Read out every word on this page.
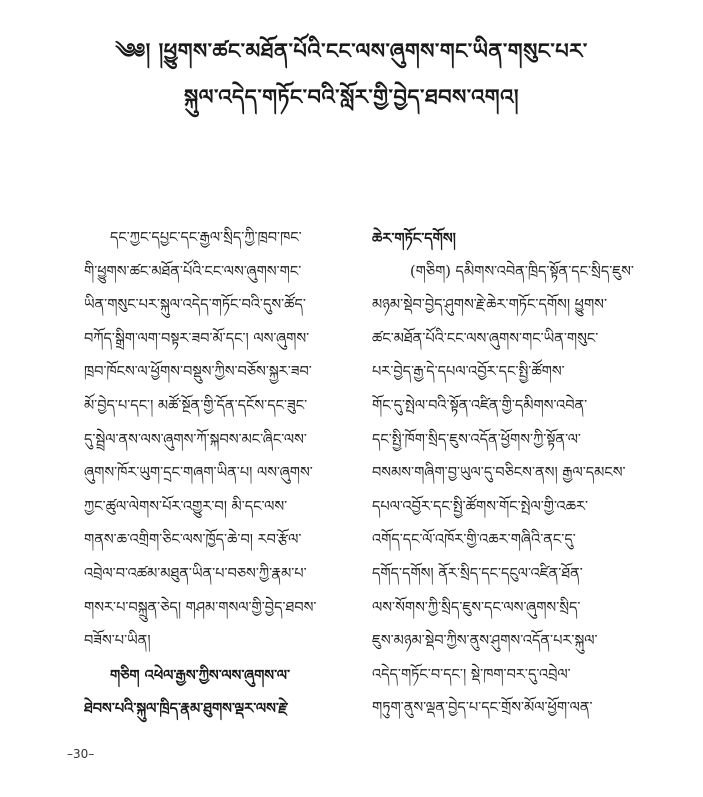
༄༅། །ཕྱུགས་ཚང་མཐོན་པོའི་ངང་ལས་ཞུགས་གང་ཡིན་གསུང་པར་
སྐུལ་འདེད་གཏོང་བའི་སློར་གྱི་བྱེད་ཐབས་འགའ།
དང་ཀྱང་དཔྱང་དང་རྒྱལ་སྲིད་ཀྱི་ཁྲབ་ཁང་
གི་ཕྱུགས་ཚང་མཐོན་པོའི་ངང་ལས་ཞུགས་གང་
ཡིན་གསུང་པར་སྐུལ་འདེད་གཏོང་བའི་དུས་ཚོད་
བཀོད་སྒྲིག་ལག་བསྟར་ཟབ་མོ་དང་། ལས་ཞུགས་
ཁྲབ་ཁོངས་ལ་ཕྱོགས་བསྡུས་ཀྱིས་བཅོས་སྐྱར་ཟབ་
མོ་བྱེད་པ་དང་། མཚོ་སྔོན་གྱི་དོན་དངོས་དང་ཟུང་
དུ་སྦྲེལ་ནས་ལས་ཞུགས་ཀོ་སྐབས་མང་ཞིང་ལས་
ཞུགས་ཁོར་ཡུག་དྲང་གཞག་ཡིན་པ། ལས་ཞུགས་
ཀྱང་ཚུལ་ལེགས་པོར་འགྱུར་བ། མི་དང་ལས་
གནས་ཆ་འགྲིག་ཅིང་ལས་ཁྱོད་ཆེ་བ། རབ་རྩོལ་
འབྲེལ་བ་འཚམ་མཐུན་ཡིན་པ་བཅས་ཀྱི་རྣམ་པ་
གསར་པ་བསྐྲུན་ཅེད། གཤམ་གསལ་གྱི་བྱེད་ཐབས་
བཟོས་པ་ཡིན།
གཅིག འཕེལ་རྒྱས་ཀྱིས་ལས་ཞུགས་ལ་
ཐེབས་པའི་སྐུལ་ཁྲིད་རྣམ་ཐུགས་ལྡར་ལས་རྗེ་
ཆེར་གཏོང་དགོས།
(གཅིག) དམིགས་འབེན་ཁྲིད་སྟོན་དང་སྲིད་ཇུས་
མཉམ་སྡེབ་བྱེད་ཤུགས་རྗེ་ཆེར་གཏོང་དགོས། ཕྱུགས་
ཚང་མཐོན་པོའི་ངང་ལས་ཞུགས་གང་ཡིན་གསུང་
པར་བྱེད་རྒྱ་དེ་དཔལ་འབྱོར་དང་སྤྱི་ཚོགས་
གོང་དུ་སྤེལ་བའི་སྟོན་འཛིན་གྱི་དམིགས་འབེན་
དང་སྤྱི་ཁོག་སྲིད་ཇུས་འདོན་ཕྱོགས་ཀྱི་སྟོན་ལ་
བསམས་གཞིག་བྱ་ཡུལ་དུ་བཅིངས་ནས། རྒྱལ་དམངས་
དཔལ་འབྱོར་དང་སྤྱི་ཚོགས་གོང་སྤེལ་གྱི་འཆར་
འགོད་དང་ལོ་འཁོར་གྱི་འཆར་གཞིའི་ནང་དུ་
དགོད་དགོས། ནོར་སྲིད་དང་དངུལ་འཛིན་ཐོན་
ལས་སོགས་ཀྱི་སྲིད་ཇུས་དང་ལས་ཞུགས་སྲིད་
ཇུས་མཉམ་སྡེབ་ཀྱིས་ནུས་ཤུགས་འདོན་པར་སྐུལ་
འདེད་གཏོང་བ་དང་། སྡེ་ཁག་བར་དུ་འབྲེལ་
གཏུག་ནུས་ལྡན་བྱེད་པ་དང་གྲོས་མོལ་ཕྱོག་ལན་
–30–
